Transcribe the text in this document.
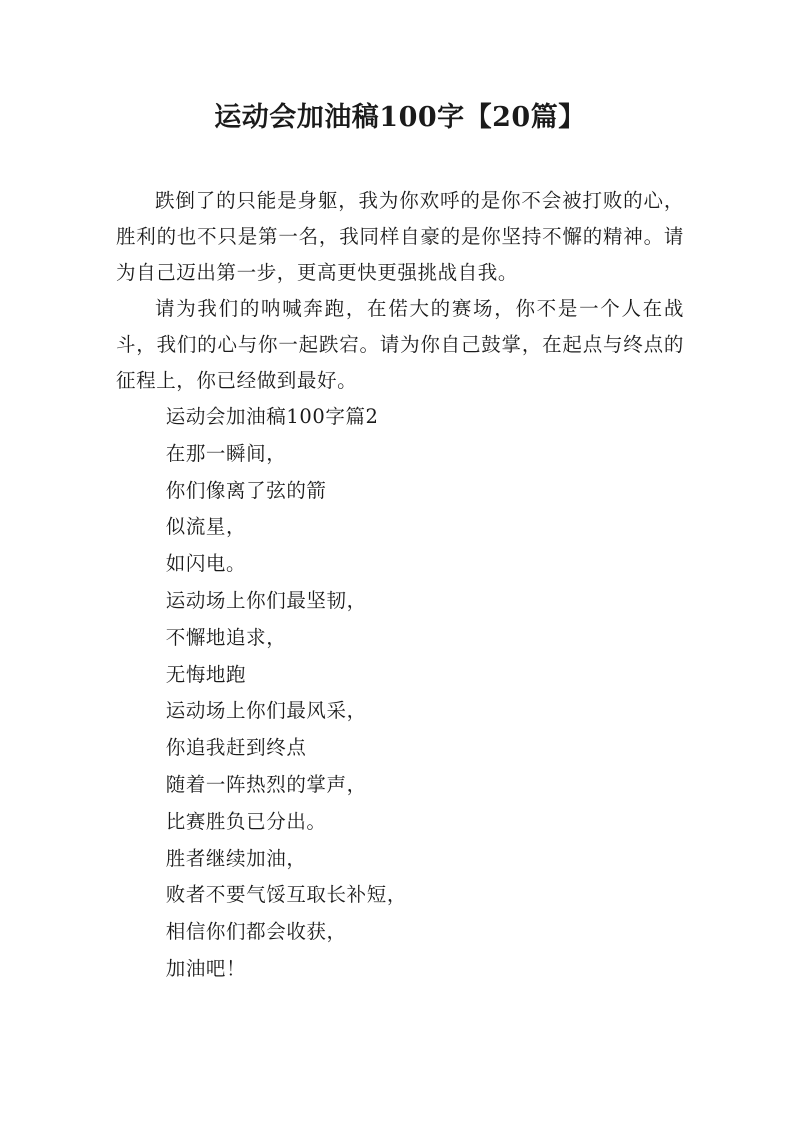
运动会加油稿100字【20篇】

跌倒了的只能是身躯，我为你欢呼的是你不会被打败的心，胜利的也不只是第一名，我同样自豪的是你坚持不懈的精神。请为自己迈出第一步，更高更快更强挑战自我。

请为我们的呐喊奔跑，在偌大的赛场，你不是一个人在战斗，我们的心与你一起跌宕。请为你自己鼓掌，在起点与终点的征程上，你已经做到最好。

运动会加油稿100字篇2

在那一瞬间，

你们像离了弦的箭

似流星，

如闪电。

运动场上你们最坚韧，

不懈地追求，

无悔地跑

运动场上你们最风采，

你追我赶到终点

随着一阵热烈的掌声，

比赛胜负已分出。

胜者继续加油，

败者不要气馁互取长补短，

相信你们都会收获，

加油吧！
